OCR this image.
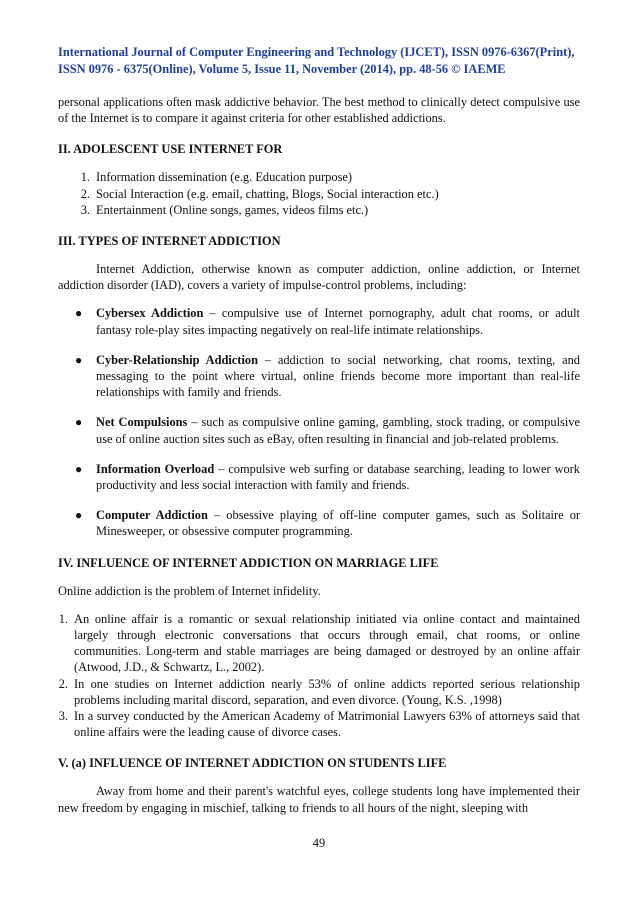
International Journal of Computer Engineering and Technology (IJCET), ISSN 0976-6367(Print),
ISSN 0976 - 6375(Online), Volume 5, Issue 11, November (2014), pp. 48-56 © IAEME

personal applications often mask addictive behavior. The best method to clinically detect compulsive use of the Internet is to compare it against criteria for other established addictions.

II. ADOLESCENT USE INTERNET FOR
1. Information dissemination (e.g. Education purpose)
2. Social Interaction (e.g. email, chatting, Blogs, Social interaction etc.)
3. Entertainment (Online songs, games, videos films etc.)
III. TYPES OF INTERNET ADDICTION

Internet Addiction, otherwise known as computer addiction, online addiction, or Internet addiction disorder (IAD), covers a variety of impulse-control problems, including:

● Cybersex Addiction – compulsive use of Internet pornography, adult chat rooms, or adult fantasy role-play sites impacting negatively on real-life intimate relationships.
● Cyber-Relationship Addiction – addiction to social networking, chat rooms, texting, and messaging to the point where virtual, online friends become more important than real-life relationships with family and friends.
● Net Compulsions – such as compulsive online gaming, gambling, stock trading, or compulsive use of online auction sites such as eBay, often resulting in financial and job-related problems.
● Information Overload – compulsive web surfing or database searching, leading to lower work productivity and less social interaction with family and friends.
● Computer Addiction – obsessive playing of off-line computer games, such as Solitaire or Minesweeper, or obsessive computer programming.
IV. INFLUENCE OF INTERNET ADDICTION ON MARRIAGE LIFE

Online addiction is the problem of Internet infidelity.

1. An online affair is a romantic or sexual relationship initiated via online contact and maintained largely through electronic conversations that occurs through email, chat rooms, or online communities. Long-term and stable marriages are being damaged or destroyed by an online affair (Atwood, J.D., & Schwartz, L., 2002).
2. In one studies on Internet addiction nearly 53% of online addicts reported serious relationship problems including marital discord, separation, and even divorce. (Young, K.S. ,1998)
3. In a survey conducted by the American Academy of Matrimonial Lawyers 63% of attorneys said that online affairs were the leading cause of divorce cases.
V. (a) INFLUENCE OF INTERNET ADDICTION ON STUDENTS LIFE

Away from home and their parent's watchful eyes, college students long have implemented their new freedom by engaging in mischief, talking to friends to all hours of the night, sleeping with

49
